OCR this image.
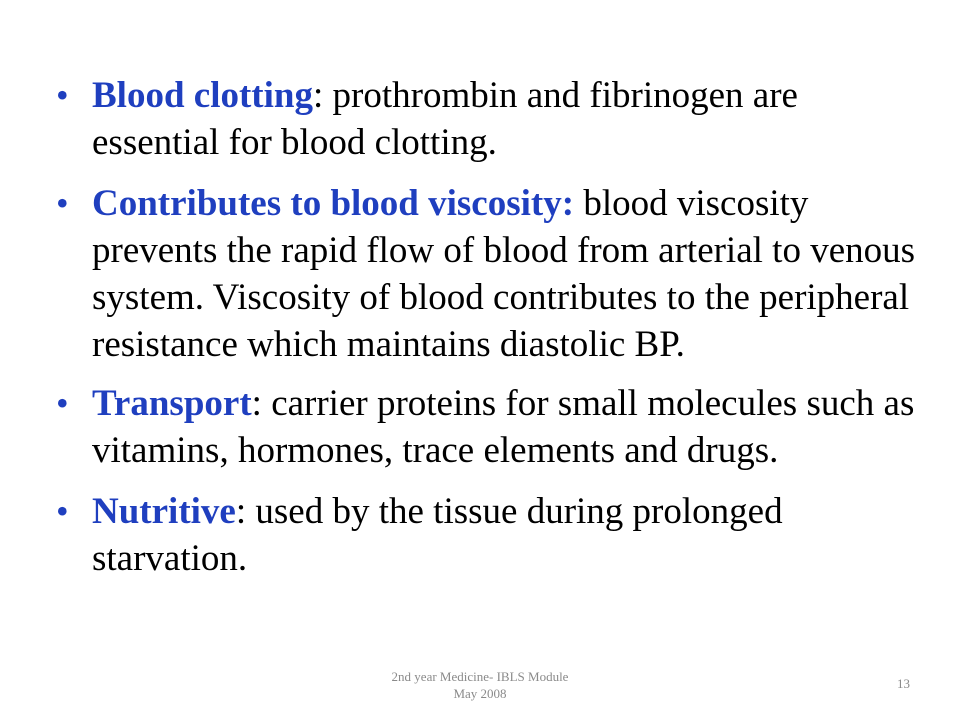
• Blood clotting: prothrombin and fibrinogen are essential for blood clotting.
• Contributes to blood viscosity: blood viscosity prevents the rapid flow of blood from arterial to venous system. Viscosity of blood contributes to the peripheral resistance which maintains diastolic BP.
• Transport: carrier proteins for small molecules such as vitamins, hormones, trace elements and drugs.
• Nutritive: used by the tissue during prolonged starvation.
2nd year Medicine- IBLS Module
May 2008
13
